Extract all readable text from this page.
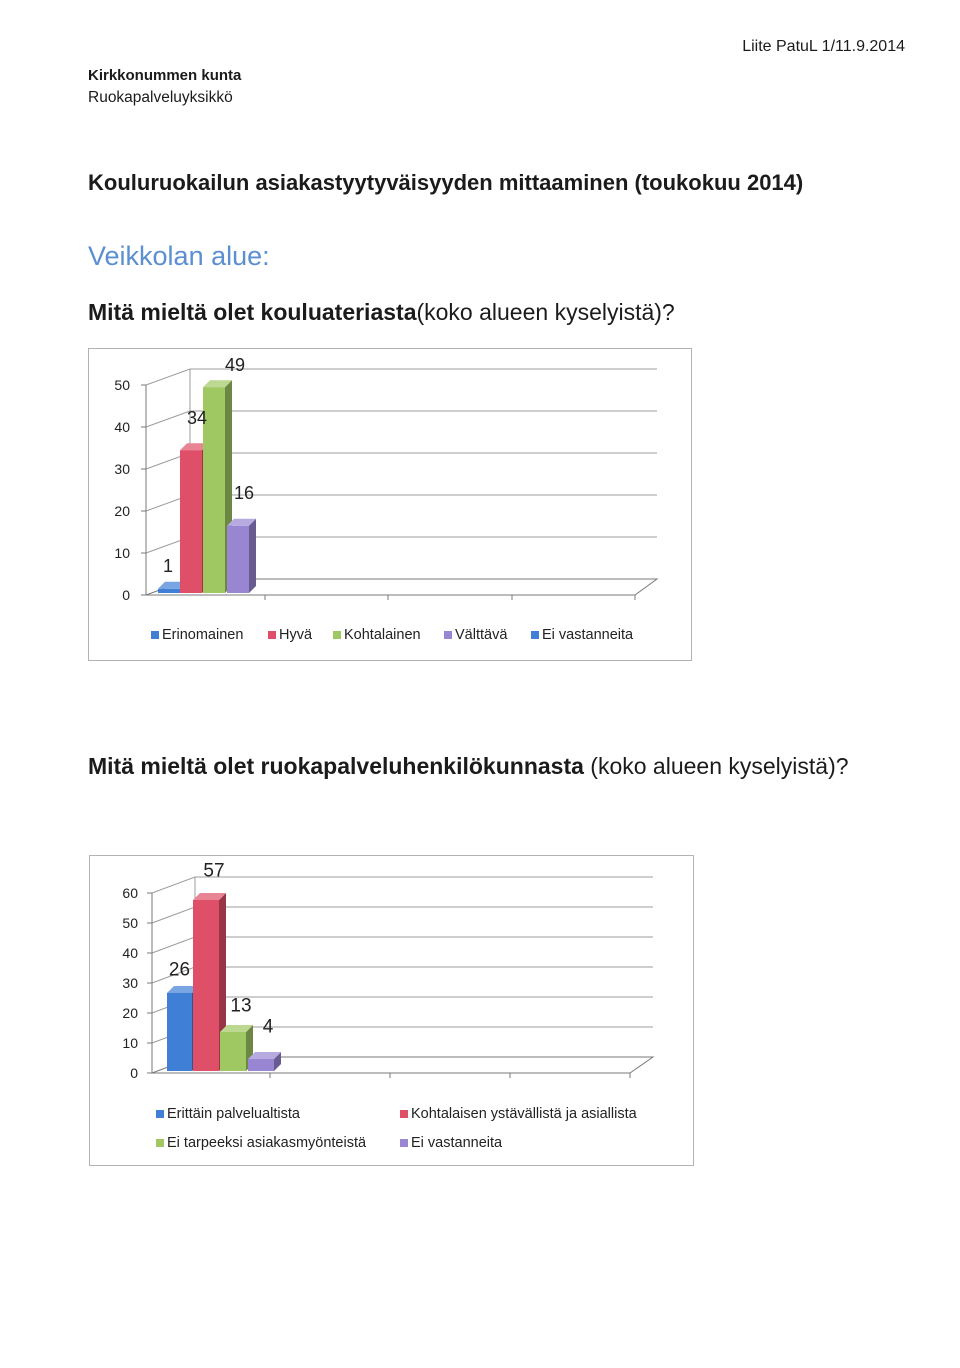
Liite PatuL 1/11.9.2014
Kirkkonummen kunta
Ruokapalveluyksikkö
Kouluruokailun asiakastyytyväisyyden mittaaminen (toukokuu 2014)
Veikkolan alue:
Mitä mieltä olet kouluateriasta(koko alueen kyselyistä)?
0
10
20
30
40
50
1
34
49
16
Erinomainen Hyvä Kohtalainen Välttävä Ei vastanneita
Mitä mieltä olet ruokapalveluhenkilökunnasta (koko alueen kyselyistä)?
0
10
20
30
40
50
60
26
57
13
4
Erittäin palvelualtista	Kohtalaisen ystävällistä ja asiallista
Ei tarpeeksi asiakasmyönteistä	Ei vastanneita
